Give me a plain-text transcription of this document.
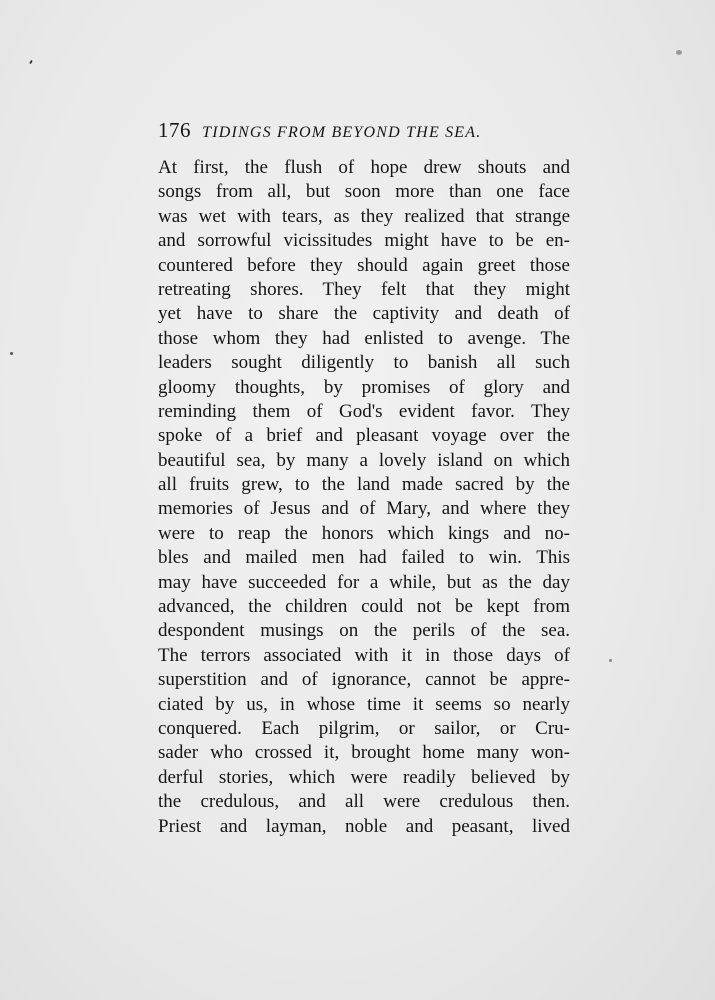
176 TIDINGS FROM BEYOND THE SEA.
At first, the flush of hope drew shouts and
songs from all, but soon more than one face
was wet with tears, as they realized that strange
and sorrowful vicissitudes might have to be en-
countered before they should again greet those
retreating shores. They felt that they might
yet have to share the captivity and death of
those whom they had enlisted to avenge. The
leaders sought diligently to banish all such
gloomy thoughts, by promises of glory and
reminding them of God's evident favor. They
spoke of a brief and pleasant voyage over the
beautiful sea, by many a lovely island on which
all fruits grew, to the land made sacred by the
memories of Jesus and of Mary, and where they
were to reap the honors which kings and no-
bles and mailed men had failed to win. This
may have succeeded for a while, but as the day
advanced, the children could not be kept from
despondent musings on the perils of the sea.
The terrors associated with it in those days of
superstition and of ignorance, cannot be appre-
ciated by us, in whose time it seems so nearly
conquered. Each pilgrim, or sailor, or Cru-
sader who crossed it, brought home many won-
derful stories, which were readily believed by
the credulous, and all were credulous then.
Priest and layman, noble and peasant, lived
